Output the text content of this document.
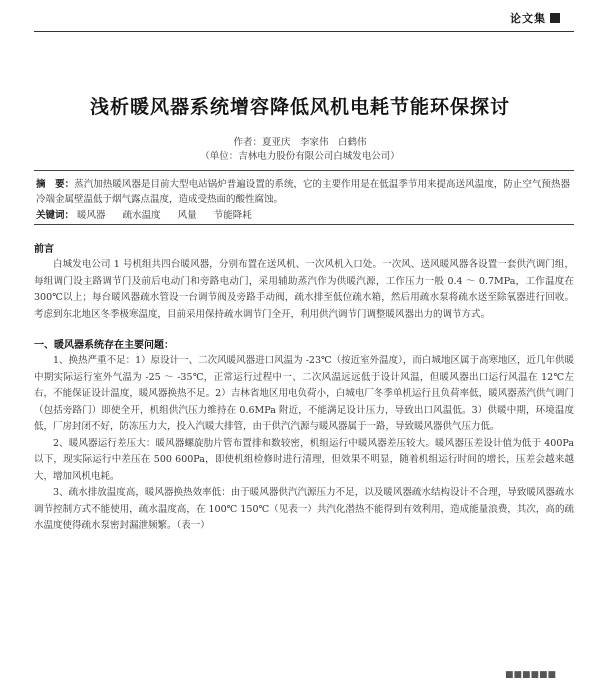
论文集
浅析暖风器系统增容降低风机电耗节能环保探讨
作者：夏亚庆　李家伟　白鹤伟
（单位：吉林电力股份有限公司白城发电公司）
摘　要：蒸汽加热暖风器是目前大型电站锅炉普遍设置的系统，它的主要作用是在低温季节用来提高送风温度，防止空气预热器冷端金属壁温低于烟气露点温度，造成受热面的酸性腐蚀。
关键词： 暖风器 疏水温度 风量 节能降耗
前言

白城发电公司 1 号机组共四台暖风器，分别布置在送风机、一次风机入口处。一次风、送风暖风器各设置一套供汽调门组，每组调门设主路调节门及前后电动门和旁路电动门，采用辅助蒸汽作为供暖汽源，工作压力一般 0.4 ～ 0.7MPa，工作温度在 300℃以上；每台暖风器疏水管设一台调节阀及旁路手动阀，疏水排至低位疏水箱，然后用疏水泵将疏水送至除氧器进行回收。考虑到东北地区冬季极寒温度，目前采用保持疏水调节门全开，利用供汽调节门调整暖风器出力的调节方式。

一、暖风器系统存在主要问题：

1、换热严重不足：1）原设计一、二次风暖风器进口风温为 -23℃（按近室外温度），而白城地区属于高寒地区，近几年供暖中期实际运行室外气温为 -25 ～ -35℃，正常运行过程中一、二次风温远远低于设计风温，但暖风器出口运行风温在 12℃左右，不能保证设计温度，暖风器换热不足。2）吉林省地区用电负荷小，白城电厂冬季单机运行且负荷率低，暖风器蒸汽供气调门（包括旁路门）即使全开，机组供汽压力维持在 0.6MPa 附近，不能满足设计压力，导致出口风温低。3）供暖中期，环境温度低，厂房封闭不好，防冻压力大，投入汽暖大排管，由于供汽汽源与暖风器属于一路，导致暖风器供气压力低。

2、暖风器运行差压大：暖风器螺旋肋片管布置排和数较密，机组运行中暖风器差压较大。暖风器压差设计值为低于 400Pa 以下，现实际运行中差压在 500 600Pa，即使机组检修时进行清理，但效果不明显，随着机组运行时间的增长，压差会越来越大，增加风机电耗。

3、疏水排放温度高，暖风器换热效率低：由于暖风器供汽汽源压力不足，以及暖风器疏水结构设计不合理，导致暖风器疏水调节控制方式不能使用，疏水温度高，在 100℃ 150℃（见表一）共汽化潜热不能得到有效利用，造成能量浪费，其次，高的疏水温度使得疏水泵密封漏泄频繁。（表一）

■■■■■■
